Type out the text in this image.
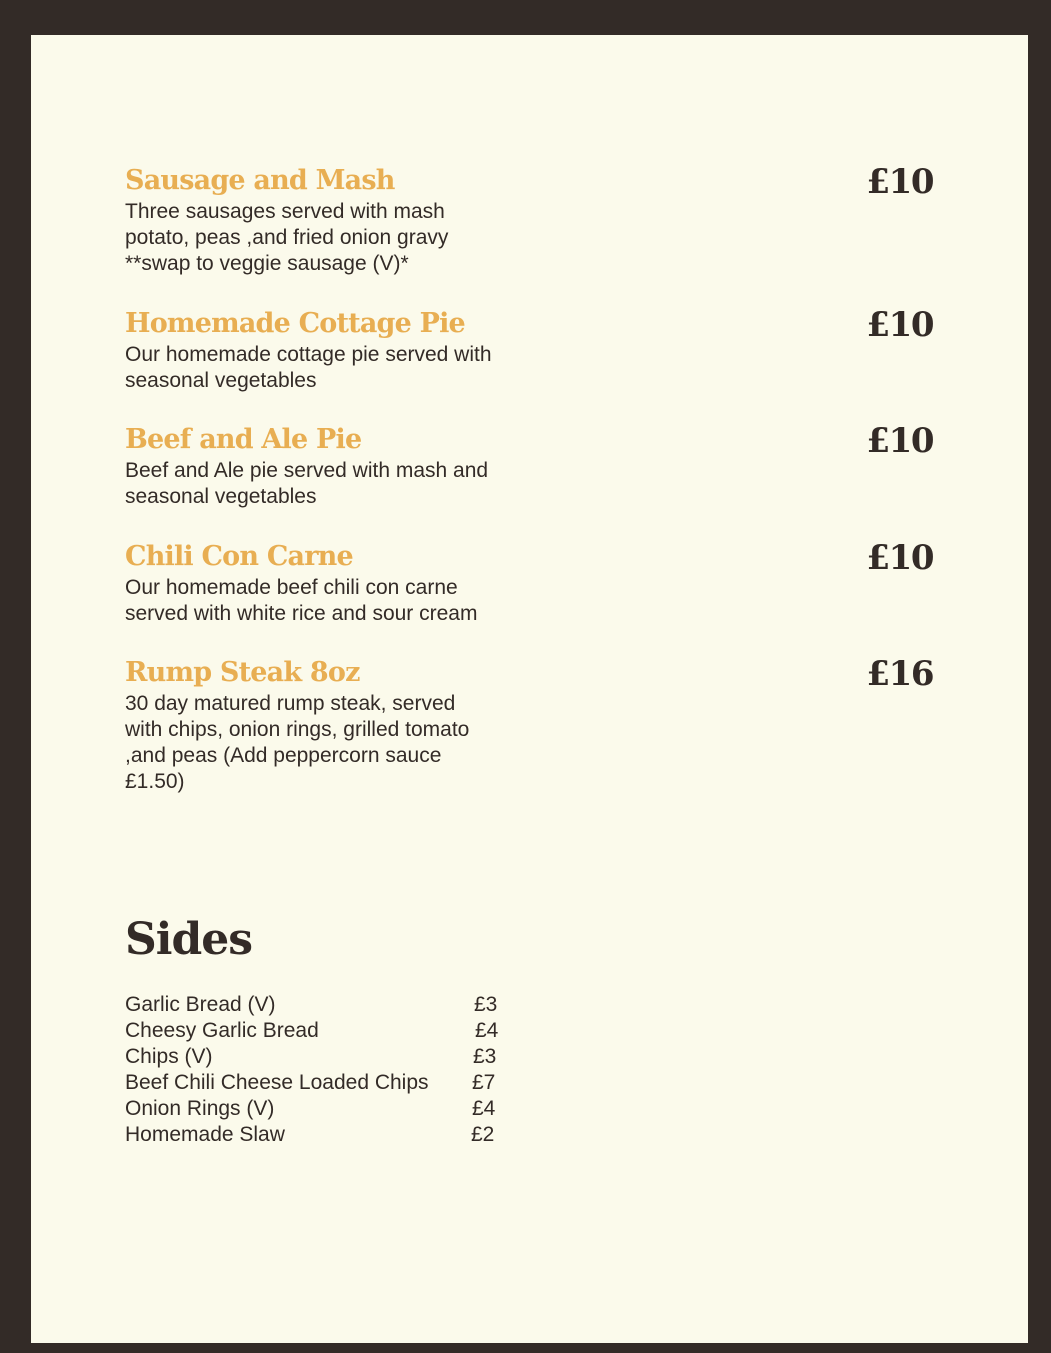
Sausage and Mash	£10

Three sausages served with mash
potato, peas ,and fried onion gravy
**swap to veggie sausage (V)*

Homemade Cottage Pie	£10

Our homemade cottage pie served with
seasonal vegetables

Beef and Ale Pie	£10

Beef and Ale pie served with mash and
seasonal vegetables

Chili Con Carne	£10

Our homemade beef chili con carne
served with white rice and sour cream

Rump Steak 8oz	£16

30 day matured rump steak, served
with chips, onion rings, grilled tomato
,and peas (Add peppercorn sauce
£1.50)

Sides
Garlic Bread (V)	£3
Cheesy Garlic Bread	£4
Chips (V)	£3
Beef Chili Cheese Loaded Chips £7
Onion Rings (V)	£4
Homemade Slaw	£2
